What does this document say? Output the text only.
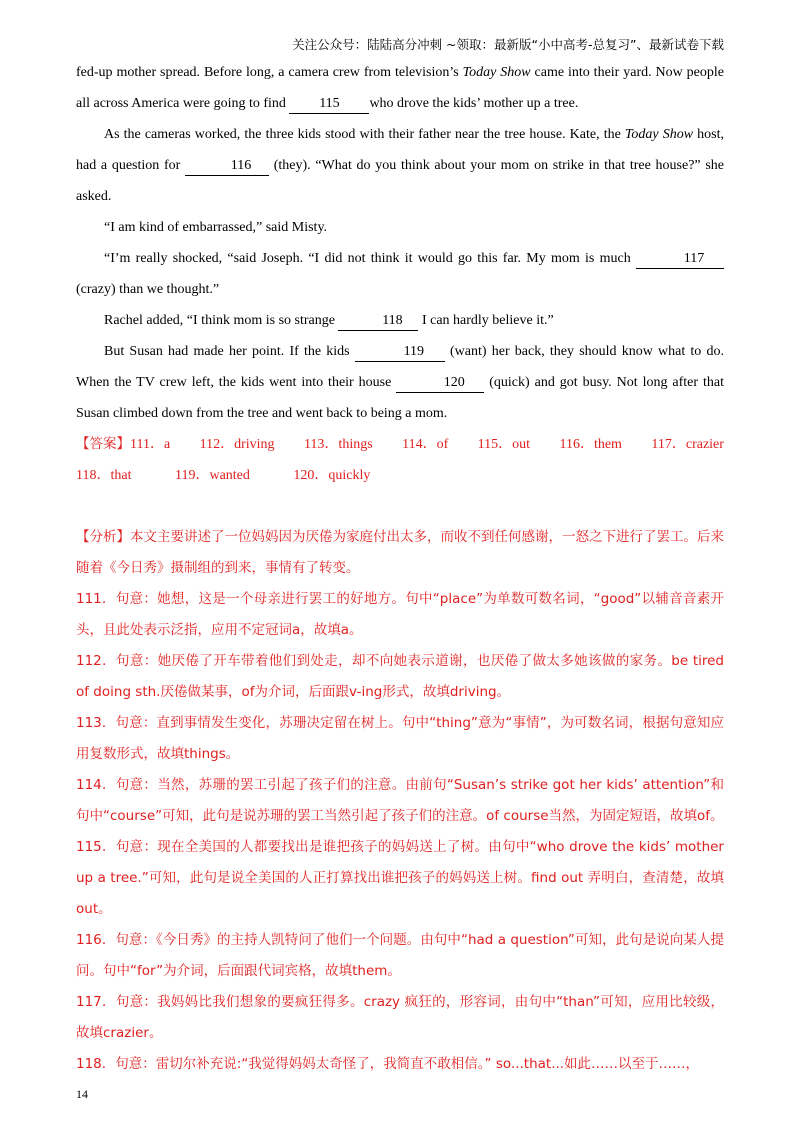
关注公众号：陆陆高分冲刺 ~领取：最新版“小中高考-总复习”、最新试卷下载

fed-up mother spread. Before long, a camera crew from television’s Today Show came into their yard. Now people all across America were going to find 115 who drove the kids’ mother up a tree.

As the cameras worked, the three kids stood with their father near the tree house. Kate, the Today Show host, had a question for	116 (they). “What do you think about your mom on strike in that tree house?” she asked.

“I am kind of embarrassed,” said Misty.

“I’m really shocked, “said Joseph. “I did not think it would go this far. My mom is much	117 (crazy) than we thought.”

Rachel added, “I think mom is so strange	118 I can hardly believe it.”

But Susan had made her point. If the kids	119 (want) her back, they should know what to do. When the TV crew left, the kids went into their house	120 (quick) and got busy. Not long after that Susan climbed down from the tree and went back to being a mom.

【答案】111．a 112．driving 113．things 114．of 115．out 116．them 117．crazier
118．that	119．wanted	120．quickly

【分析】本文主要讲述了一位妈妈因为厌倦为家庭付出太多，而收不到任何感谢，一怒之下进行了罢工。后来随着《今日秀》摄制组的到来，事情有了转变。

111．句意：她想，这是一个母亲进行罢工的好地方。句中“place”为单数可数名词，“good”以辅音音素开头，且此处表示泛指，应用不定冠词a，故填a。

112．句意：她厌倦了开车带着他们到处走，却不向她表示道谢，也厌倦了做太多她该做的家务。be tired of doing sth.厌倦做某事，of为介词，后面跟v-ing形式，故填driving。

113．句意：直到事情发生变化，苏珊决定留在树上。句中“thing”意为“事情”，为可数名词，根据句意知应用复数形式，故填things。

114．句意：当然，苏珊的罢工引起了孩子们的注意。由前句“Susan’s strike got her kids’ attention”和句中“course”可知，此句是说苏珊的罢工当然引起了孩子们的注意。of course当然，为固定短语，故填of。

115．句意：现在全美国的人都要找出是谁把孩子的妈妈送上了树。由句中“who drove the kids’ mother up a tree.”可知，此句是说全美国的人正打算找出谁把孩子的妈妈送上树。find out 弄明白，查清楚，故填out。

116．句意：《今日秀》的主持人凯特问了他们一个问题。由句中“had a question”可知，此句是说向某人提问。句中“for”为介词，后面跟代词宾格，故填them。

117．句意：我妈妈比我们想象的要疯狂得多。crazy 疯狂的，形容词，由句中“than”可知，应用比较级，故填crazier。

118．句意：雷切尔补充说:“我觉得妈妈太奇怪了，我简直不敢相信。” so...that...如此……以至于……，

14
